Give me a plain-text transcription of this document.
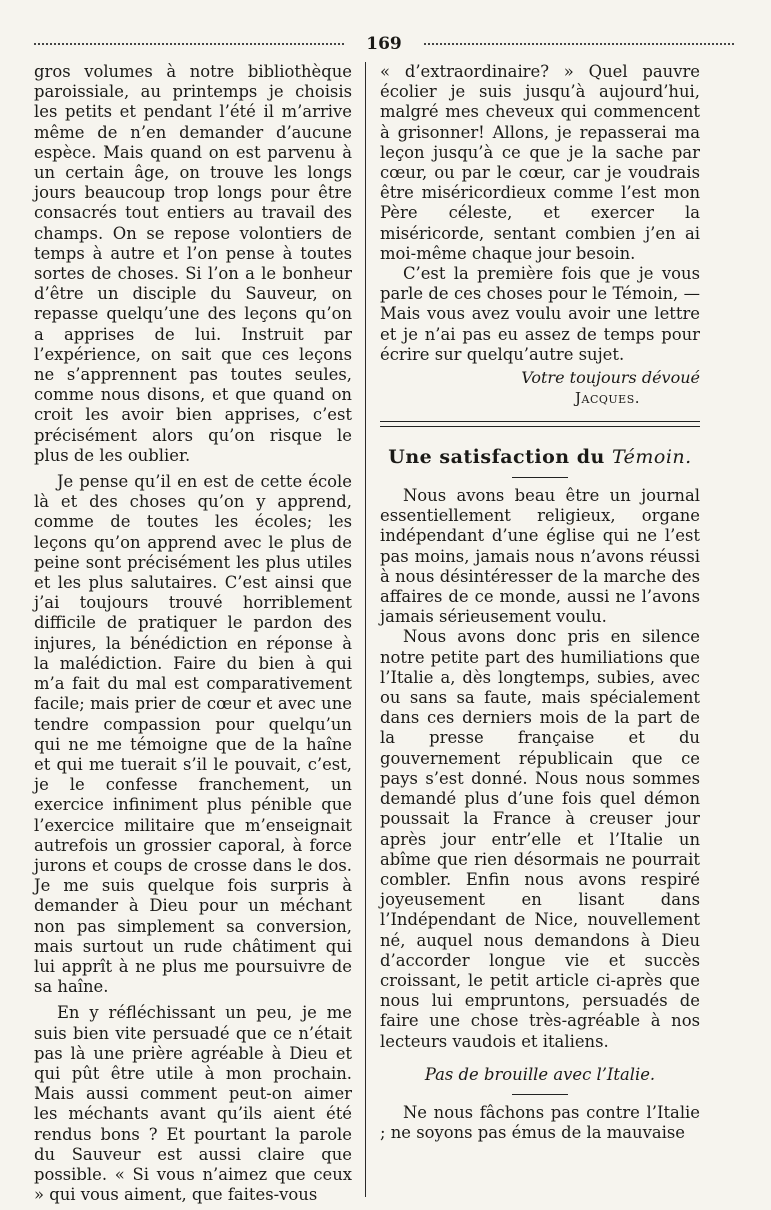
169

gros volumes à notre bibliothèque paroissiale, au printemps je choisis les petits et pendant l’été il m’arrive même de n’en demander d’aucune espèce. Mais quand on est parvenu à un certain âge, on trouve les longs jours beaucoup trop longs pour être consacrés tout entiers au travail des champs. On se repose volontiers de temps à autre et l’on pense à toutes sortes de choses. Si l’on a le bonheur d’être un disciple du Sauveur, on repasse quelqu’une des leçons qu’on a apprises de lui. Instruit par l’expérience, on sait que ces leçons ne s’apprennent pas toutes seules, comme nous disons, et que quand on croit les avoir bien apprises, c’est précisément alors qu’on risque le plus de les oublier.

Je pense qu’il en est de cette école là et des choses qu’on y apprend, comme de toutes les écoles; les leçons qu’on apprend avec le plus de peine sont précisément les plus utiles et les plus salutaires. C’est ainsi que j’ai toujours trouvé horriblement difficile de pratiquer le pardon des injures, la bénédiction en réponse à la malédiction. Faire du bien à qui m’a fait du mal est comparativement facile; mais prier de cœur et avec une tendre compassion pour quelqu’un qui ne me témoigne que de la haîne et qui me tuerait s’il le pouvait, c’est, je le confesse franchement, un exercice infiniment plus pénible que l’exercice militaire que m’enseignait autrefois un grossier caporal, à force jurons et coups de crosse dans le dos. Je me suis quelque fois surpris à demander à Dieu pour un méchant non pas simplement sa conversion, mais surtout un rude châtiment qui lui apprît à ne plus me poursuivre de sa haîne.

En y réfléchissant un peu, je me suis bien vite persuadé que ce n’était pas là une prière agréable à Dieu et qui pût être utile à mon prochain. Mais aussi comment peut-on aimer les méchants avant qu’ils aient été rendus bons ? Et pourtant la parole du Sauveur est aussi claire que possible. « Si vous n’aimez que ceux » qui vous aiment, que faites-vous

« d’extraordinaire? » Quel pauvre écolier je suis jusqu’à aujourd’hui, malgré mes cheveux qui commencent à grisonner! Allons, je repasserai ma leçon jusqu’à ce que je la sache par cœur, ou par le cœur, car je voudrais être miséricordieux comme l’est mon Père céleste, et exercer la miséricorde, sentant combien j’en ai moi-même chaque jour besoin.

C’est la première fois que je vous parle de ces choses pour le Témoin, — Mais vous avez voulu avoir une lettre et je n’ai pas eu assez de temps pour écrire sur quelqu’autre sujet.

Votre toujours dévoué
Jacques.
Une satisfaction du Témoin.

Nous avons beau être un journal essentiellement religieux, organe indépendant d’une église qui ne l’est pas moins, jamais nous n’avons réussi à nous désintéresser de la marche des affaires de ce monde, aussi ne l’avons jamais sérieusement voulu.

Nous avons donc pris en silence notre petite part des humiliations que l’Italie a, dès longtemps, subies, avec ou sans sa faute, mais spécialement dans ces derniers mois de la part de la presse française et du gouvernement républicain que ce pays s’est donné. Nous nous sommes demandé plus d’une fois quel démon poussait la France à creuser jour après jour entr’elle et l’Italie un abîme que rien désormais ne pourrait combler. Enfin nous avons respiré joyeusement en lisant dans l’Indépendant de Nice, nouvellement né, auquel nous demandons à Dieu d’accorder longue vie et succès croissant, le petit article ci-après que nous lui empruntons, persuadés de faire une chose très-agréable à nos lecteurs vaudois et italiens.

Pas de brouille avec l’Italie.

Ne nous fâchons pas contre l’Italie ; ne soyons pas émus de la mauvaise
